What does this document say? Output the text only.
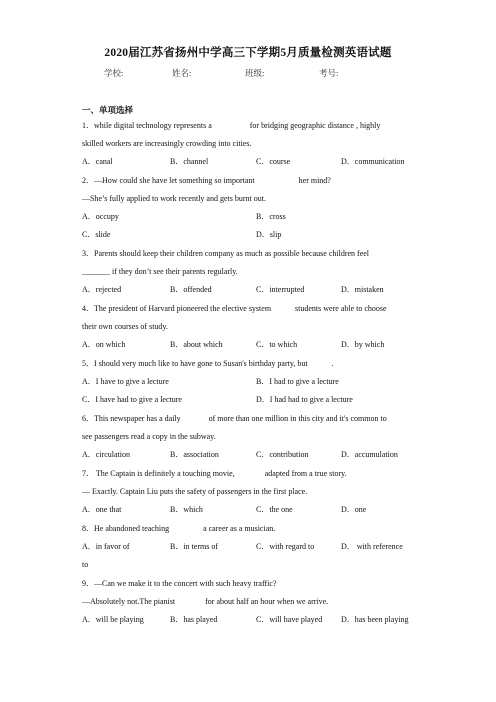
2020届江苏省扬州中学高三下学期5月质量检测英语试题
学校:	姓名:	班级:	考号:
一、单项选择
1．while digital technology represents a	for bridging geographic distance , highly
skilled workers are increasingly crowding into cities.
A．canal	B．channel	C．course	D．communication
2．—How could she have let something so important	her mind?
—She’s fully applied to work recently and gets burnt out.
A．occupy	B．cross
C．slide	D．slip
3．Parents should keep their children company as much as possible because children feel
_______ if they don’t see their parents regularly.
A．rejected	B．offended	C．interrupted	D．mistaken
4．The president of Harvard pioneered the elective system	students were able to choose
their own courses of study.
A．on which	B．about which	C．to which	D．by which
5．I should very much like to have gone to Susan's birthday party, but	.
A．I have to give a lecture	B．I had to give a lecture
C．I have had to give a lecture	D．I had had to give a lecture
6．This newspaper has a daily	of more than one million in this city and it's common to
see passengers read a copy in the subway.
A．circulation	B．association	C．contribution	D．accumulation
7． The Captain is definitely a touching movie,	adapted from a true story.
— Exactly. Captain Liu puts the safety of passengers in the first place.
A．one that	B．which	C．the one	D．one
8．He abandoned teaching	a career as a musician.
A．in favor of	B．in terms of	C．with regard to	D． with reference
to
9．—Can we make it to the concert with such heavy traffic?
—Absolutely not.The pianist	for about half an hour when we arrive.
A．will be playing	B．has played	C．will have played D．has been playing
